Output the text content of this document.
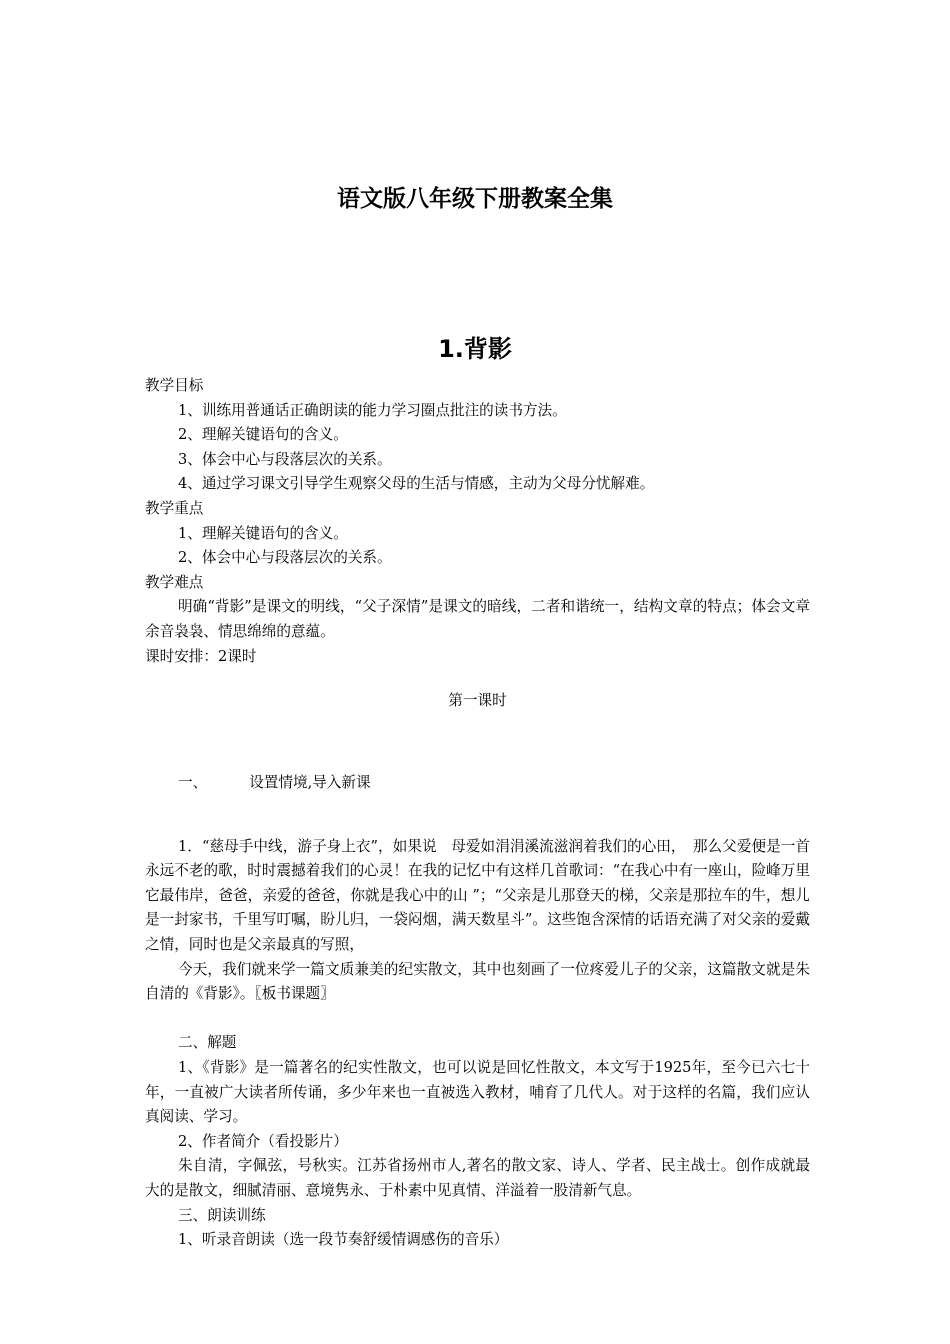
语文版八年级下册教案全集
1.背影

教学目标

1、训练用普通话正确朗读的能力学习圈点批注的读书方法。

2、理解关键语句的含义。

3、体会中心与段落层次的关系。

4、通过学习课文引导学生观察父母的生活与情感，主动为父母分忧解难。

教学重点

1、理解关键语句的含义。

2、体会中心与段落层次的关系。

教学难点

明确“背影”是课文的明线，“父子深情”是课文的暗线，二者和谐统一，结构文章的特点；体会文章余音袅袅、情思绵绵的意蕴。

课时安排：2课时

第一课时

一、	设置情境,导入新课

1．“慈母手中线，游子身上衣”，如果说　母爱如涓涓溪流滋润着我们的心田，　那么父爱便是一首永远不老的歌，时时震撼着我们的心灵！在我的记忆中有这样几首歌词：“在我心中有一座山，险峰万里它最伟岸，爸爸，亲爱的爸爸，你就是我心中的山 ”；“父亲是儿那登天的梯，父亲是那拉车的牛，想儿是一封家书，千里写叮嘱，盼儿归，一袋闷烟，满天数星斗”。这些饱含深情的话语充满了对父亲的爱戴之情，同时也是父亲最真的写照，

今天，我们就来学一篇文质兼美的纪实散文，其中也刻画了一位疼爱儿子的父亲，这篇散文就是朱自清的《背影》。〖板书课题〗

二、解题

1、《背影》是一篇著名的纪实性散文，也可以说是回忆性散文，本文写于1925年，至今已六七十年，一直被广大读者所传诵，多少年来也一直被选入教材，哺育了几代人。对于这样的名篇，我们应认真阅读、学习。

2、作者简介（看投影片）

朱自清，字佩弦，号秋实。江苏省扬州市人,著名的散文家、诗人、学者、民主战士。创作成就最大的是散文，细腻清丽、意境隽永、于朴素中见真情、洋溢着一股清新气息。

三、朗读训练

1、听录音朗读（选一段节奏舒缓情调感伤的音乐）
